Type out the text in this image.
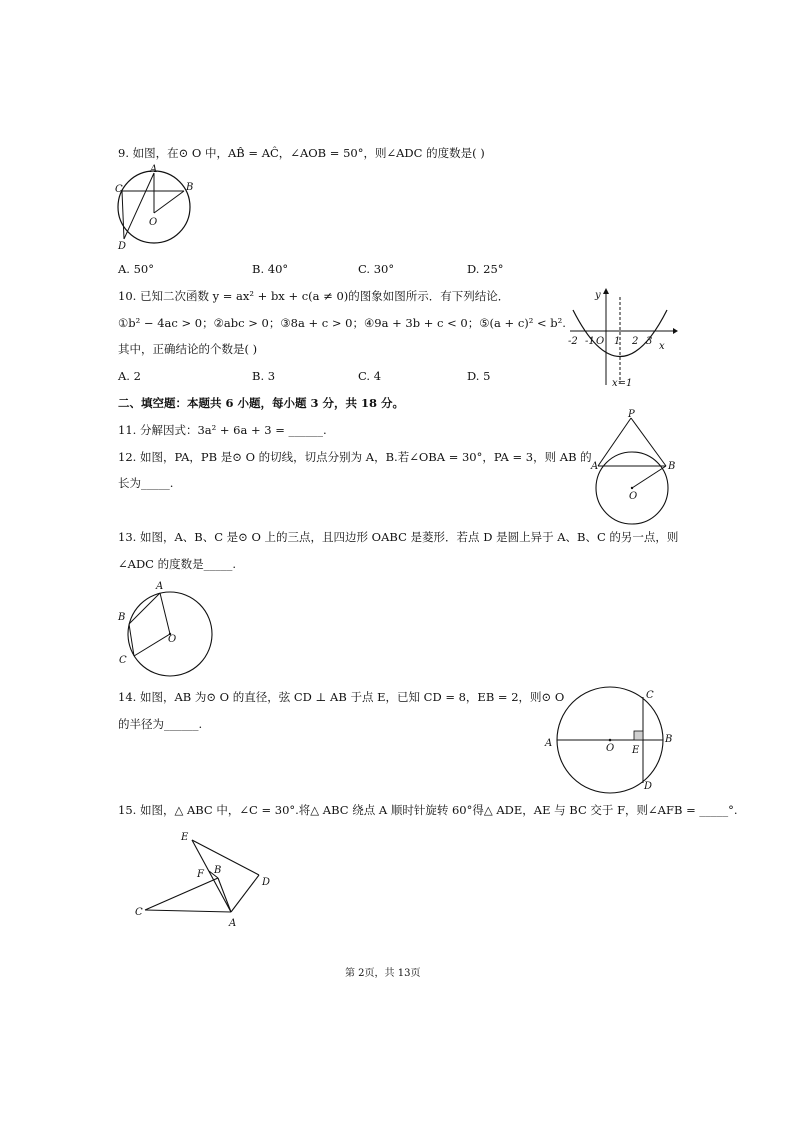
9. 如图，在⊙ O 中，AB̂ = AĈ，∠AOB = 50°，则∠ADC 的度数是( )
A
B
C
D
O
A. 50°	B. 40°	C. 30°	D. 25°
10. 已知二次函数 y = ax² + bx + c(a ≠ 0)的图象如图所示．有下列结论．
①b² − 4ac > 0；②abc > 0；③8a + c > 0；④9a + 3b + c < 0；⑤(a + c)² < b².
其中，正确结论的个数是( )
A. 2	B. 3	C. 4	D. 5
y
x
-2 -1 O 1 2 3
x=1
二、填空题：本题共 6 小题，每小题 3 分，共 18 分。
11. 分解因式：3a² + 6a + 3 = ______.
12. 如图，PA，PB 是⊙ O 的切线，切点分别为 A，B.若∠OBA = 30°，PA = 3，则 AB 的
长为_____.
P
A	B
O
13. 如图，A、B、C 是⊙ O 上的三点，且四边形 OABC 是菱形．若点 D 是圆上异于 A、B、C 的另一点，则
∠ADC 的度数是_____.
A
B
C
O
14. 如图，AB 为⊙ O 的直径，弦 CD ⊥ AB 于点 E，已知 CD = 8，EB = 2，则⊙ O
的半径为______.
A	B
C
D
O E
15. 如图，△ ABC 中，∠C = 30°.将△ ABC 绕点 A 顺时针旋转 60°得△ ADE，AE 与 BC 交于 F，则∠AFB = _____°.
E
F B
D
C
A
第 2页，共 13页
